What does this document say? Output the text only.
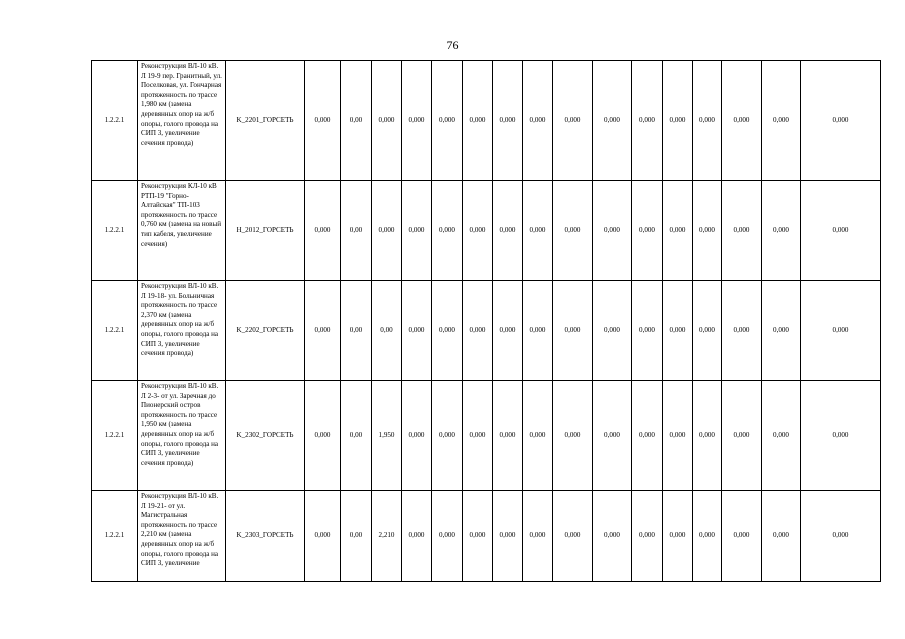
76
1.2.2.1	Реконструкция ВЛ-10 кВ. Л 19-9 пер. Гранитный, ул. Поселковая, ул. Гончарная протяженность по трассе 1,980 км (замена деревянных опор на ж/б опоры, голого провода на СИП 3, увеличение сечения провода)	K_2201_ГОРСЕТЬ	0,000	0,00	0,000	0,000	0,000	0,000	0,000	0,000	0,000	0,000	0,000	0,000	0,000	0,000	0,000	0,000
1.2.2.1	Реконструкция КЛ-10 кВ РТП-19 "Горно-Алтайская" ТП-103 протяженность по трассе 0,760 км (замена на новый тип кабеля, увеличение сечения)	H_2012_ГОРСЕТЬ	0,000	0,00	0,000	0,000	0,000	0,000	0,000	0,000	0,000	0,000	0,000	0,000	0,000	0,000	0,000	0,000
1.2.2.1	Реконструкция ВЛ-10 кВ. Л 19-18- ул. Больничная протяженность по трассе 2,370 км (замена деревянных опор на ж/б опоры, голого провода на СИП 3, увеличение сечения провода)	K_2202_ГОРСЕТЬ	0,000	0,00	0,00	0,000	0,000	0,000	0,000	0,000	0,000	0,000	0,000	0,000	0,000	0,000	0,000	0,000
1.2.2.1	Реконструкция ВЛ-10 кВ. Л 2-3- от ул. Заречная до Пионерский остров протяженность по трассе 1,950 км (замена деревянных опор на ж/б опоры, голого провода на СИП 3, увеличение сечения провода)	K_2302_ГОРСЕТЬ	0,000	0,00	1,950	0,000	0,000	0,000	0,000	0,000	0,000	0,000	0,000	0,000	0,000	0,000	0,000	0,000
1.2.2.1	Реконструкция ВЛ-10 кВ. Л 19-21- от ул. Магистральная протяженность по трассе 2,210 км (замена деревянных опор на ж/б опоры, голого провода на СИП 3, увеличение	K_2303_ГОРСЕТЬ	0,000	0,00	2,210	0,000	0,000	0,000	0,000	0,000	0,000	0,000	0,000	0,000	0,000	0,000	0,000	0,000
